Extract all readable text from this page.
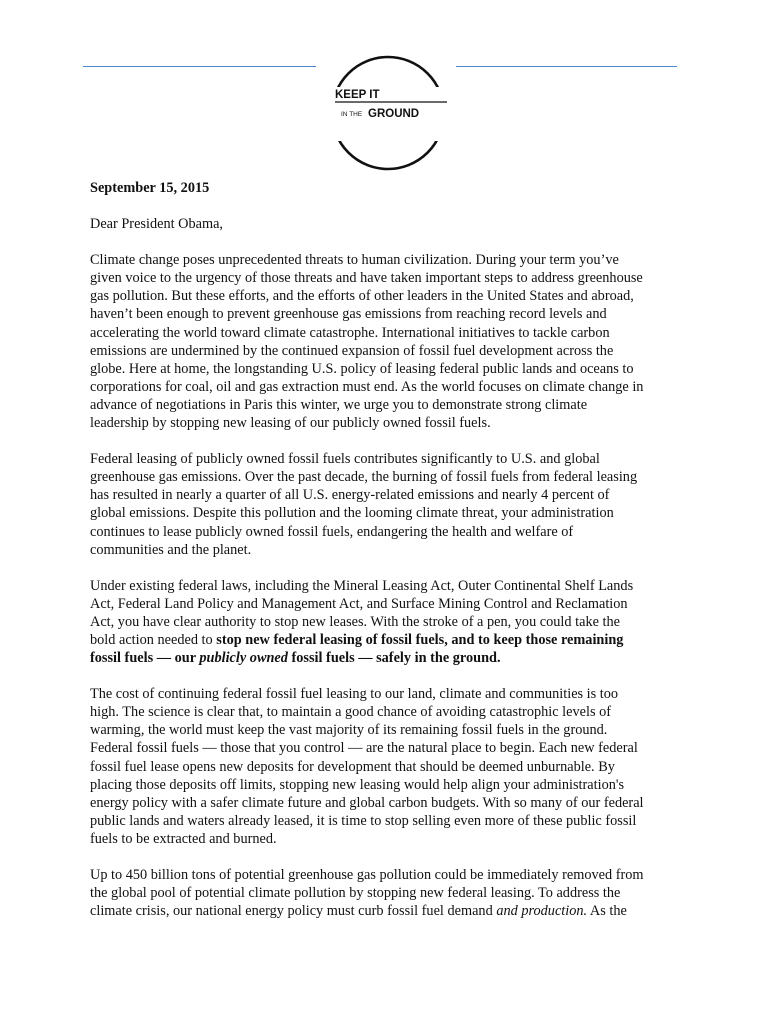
KEEP IT
IN THE GROUND

September 15, 2015

Dear President Obama,

Climate change poses unprecedented threats to human civilization. During your term you’ve
given voice to the urgency of those threats and have taken important steps to address greenhouse
gas pollution. But these efforts, and the efforts of other leaders in the United States and abroad,
haven’t been enough to prevent greenhouse gas emissions from reaching record levels and
accelerating the world toward climate catastrophe. International initiatives to tackle carbon
emissions are undermined by the continued expansion of fossil fuel development across the
globe. Here at home, the longstanding U.S. policy of leasing federal public lands and oceans to
corporations for coal, oil and gas extraction must end. As the world focuses on climate change in
advance of negotiations in Paris this winter, we urge you to demonstrate strong climate
leadership by stopping new leasing of our publicly owned fossil fuels.

Federal leasing of publicly owned fossil fuels contributes significantly to U.S. and global
greenhouse gas emissions. Over the past decade, the burning of fossil fuels from federal leasing
has resulted in nearly a quarter of all U.S. energy-related emissions and nearly 4 percent of
global emissions. Despite this pollution and the looming climate threat, your administration
continues to lease publicly owned fossil fuels, endangering the health and welfare of
communities and the planet.

Under existing federal laws, including the Mineral Leasing Act, Outer Continental Shelf Lands
Act, Federal Land Policy and Management Act, and Surface Mining Control and Reclamation
Act, you have clear authority to stop new leases. With the stroke of a pen, you could take the
bold action needed to stop new federal leasing of fossil fuels, and to keep those remaining
fossil fuels — our publicly owned fossil fuels — safely in the ground.

The cost of continuing federal fossil fuel leasing to our land, climate and communities is too
high. The science is clear that, to maintain a good chance of avoiding catastrophic levels of
warming, the world must keep the vast majority of its remaining fossil fuels in the ground.
Federal fossil fuels — those that you control — are the natural place to begin. Each new federal
fossil fuel lease opens new deposits for development that should be deemed unburnable. By
placing those deposits off limits, stopping new leasing would help align your administration's
energy policy with a safer climate future and global carbon budgets. With so many of our federal
public lands and waters already leased, it is time to stop selling even more of these public fossil
fuels to be extracted and burned.

Up to 450 billion tons of potential greenhouse gas pollution could be immediately removed from
the global pool of potential climate pollution by stopping new federal leasing. To address the
climate crisis, our national energy policy must curb fossil fuel demand and production. As the
